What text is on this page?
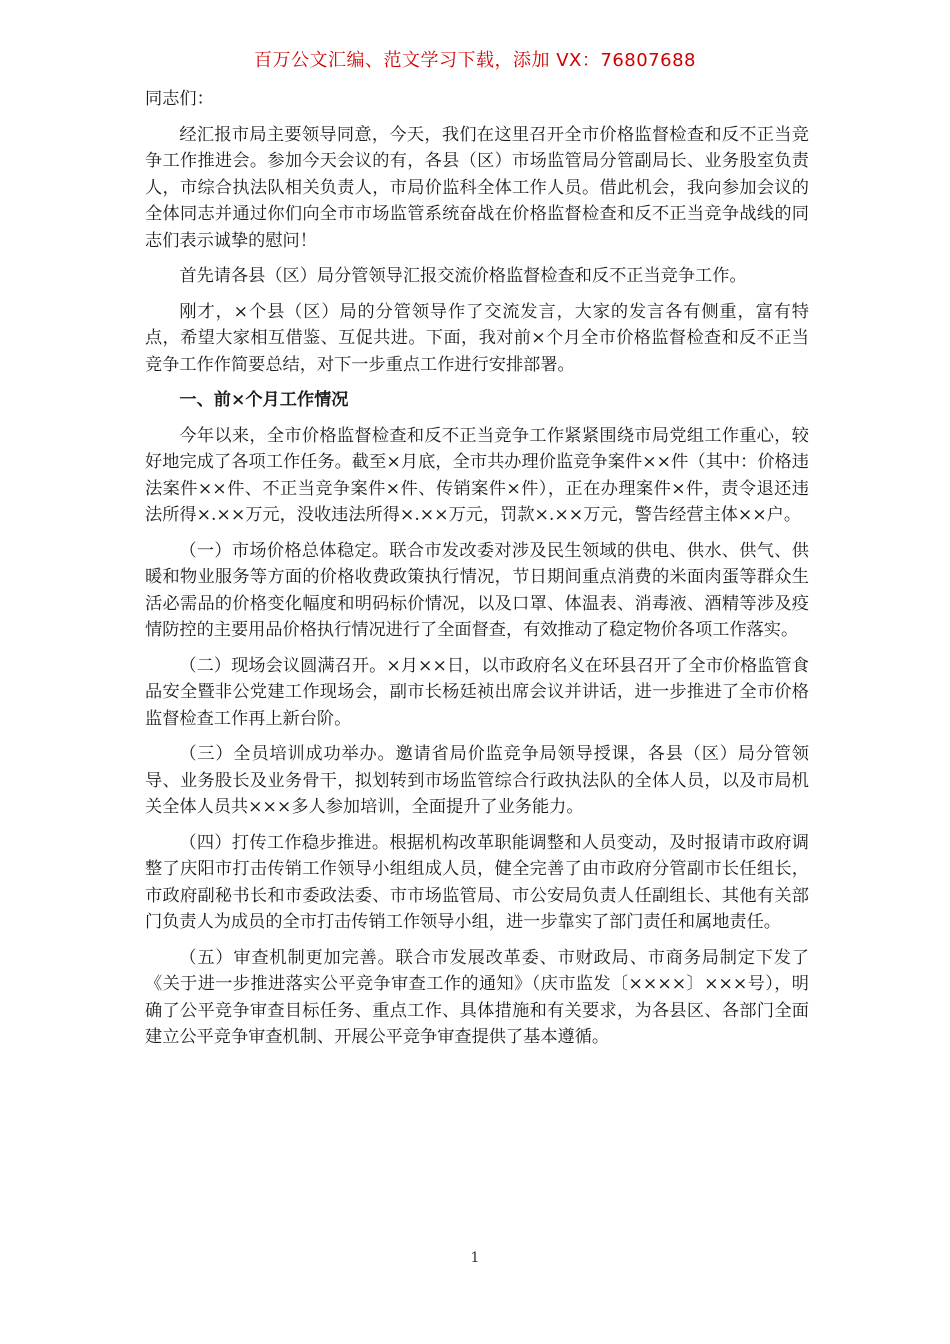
百万公文汇编、范文学习下载，添加 VX：76807688

同志们：

经汇报市局主要领导同意，今天，我们在这里召开全市价格监督检查和反不正当竞争工作推进会。参加今天会议的有，各县（区）市场监管局分管副局长、业务股室负责人，市综合执法队相关负责人，市局价监科全体工作人员。借此机会，我向参加会议的全体同志并通过你们向全市市场监管系统奋战在价格监督检查和反不正当竞争战线的同志们表示诚挚的慰问！

首先请各县（区）局分管领导汇报交流价格监督检查和反不正当竞争工作。

刚才，×个县（区）局的分管领导作了交流发言，大家的发言各有侧重，富有特点，希望大家相互借鉴、互促共进。下面，我对前×个月全市价格监督检查和反不正当竞争工作作简要总结，对下一步重点工作进行安排部署。

一、前×个月工作情况

今年以来，全市价格监督检查和反不正当竞争工作紧紧围绕市局党组工作重心，较好地完成了各项工作任务。截至×月底，全市共办理价监竞争案件××件（其中：价格违法案件××件、不正当竞争案件×件、传销案件×件），正在办理案件×件，责令退还违法所得×.××万元，没收违法所得×.××万元，罚款×.××万元，警告经营主体××户。

（一）市场价格总体稳定。联合市发改委对涉及民生领域的供电、供水、供气、供暖和物业服务等方面的价格收费政策执行情况，节日期间重点消费的米面肉蛋等群众生活必需品的价格变化幅度和明码标价情况，以及口罩、体温表、消毒液、酒精等涉及疫情防控的主要用品价格执行情况进行了全面督查，有效推动了稳定物价各项工作落实。

（二）现场会议圆满召开。×月××日，以市政府名义在环县召开了全市价格监管食品安全暨非公党建工作现场会，副市长杨廷祯出席会议并讲话，进一步推进了全市价格监督检查工作再上新台阶。

（三）全员培训成功举办。邀请省局价监竞争局领导授课，各县（区）局分管领导、业务股长及业务骨干，拟划转到市场监管综合行政执法队的全体人员，以及市局机关全体人员共×××多人参加培训，全面提升了业务能力。

（四）打传工作稳步推进。根据机构改革职能调整和人员变动，及时报请市政府调整了庆阳市打击传销工作领导小组组成人员，健全完善了由市政府分管副市长任组长，市政府副秘书长和市委政法委、市市场监管局、市公安局负责人任副组长、其他有关部门负责人为成员的全市打击传销工作领导小组，进一步靠实了部门责任和属地责任。

（五）审查机制更加完善。联合市发展改革委、市财政局、市商务局制定下发了《关于进一步推进落实公平竞争审查工作的通知》（庆市监发〔××××〕×××号），明确了公平竞争审查目标任务、重点工作、具体措施和有关要求，为各县区、各部门全面建立公平竞争审查机制、开展公平竞争审查提供了基本遵循。

1
